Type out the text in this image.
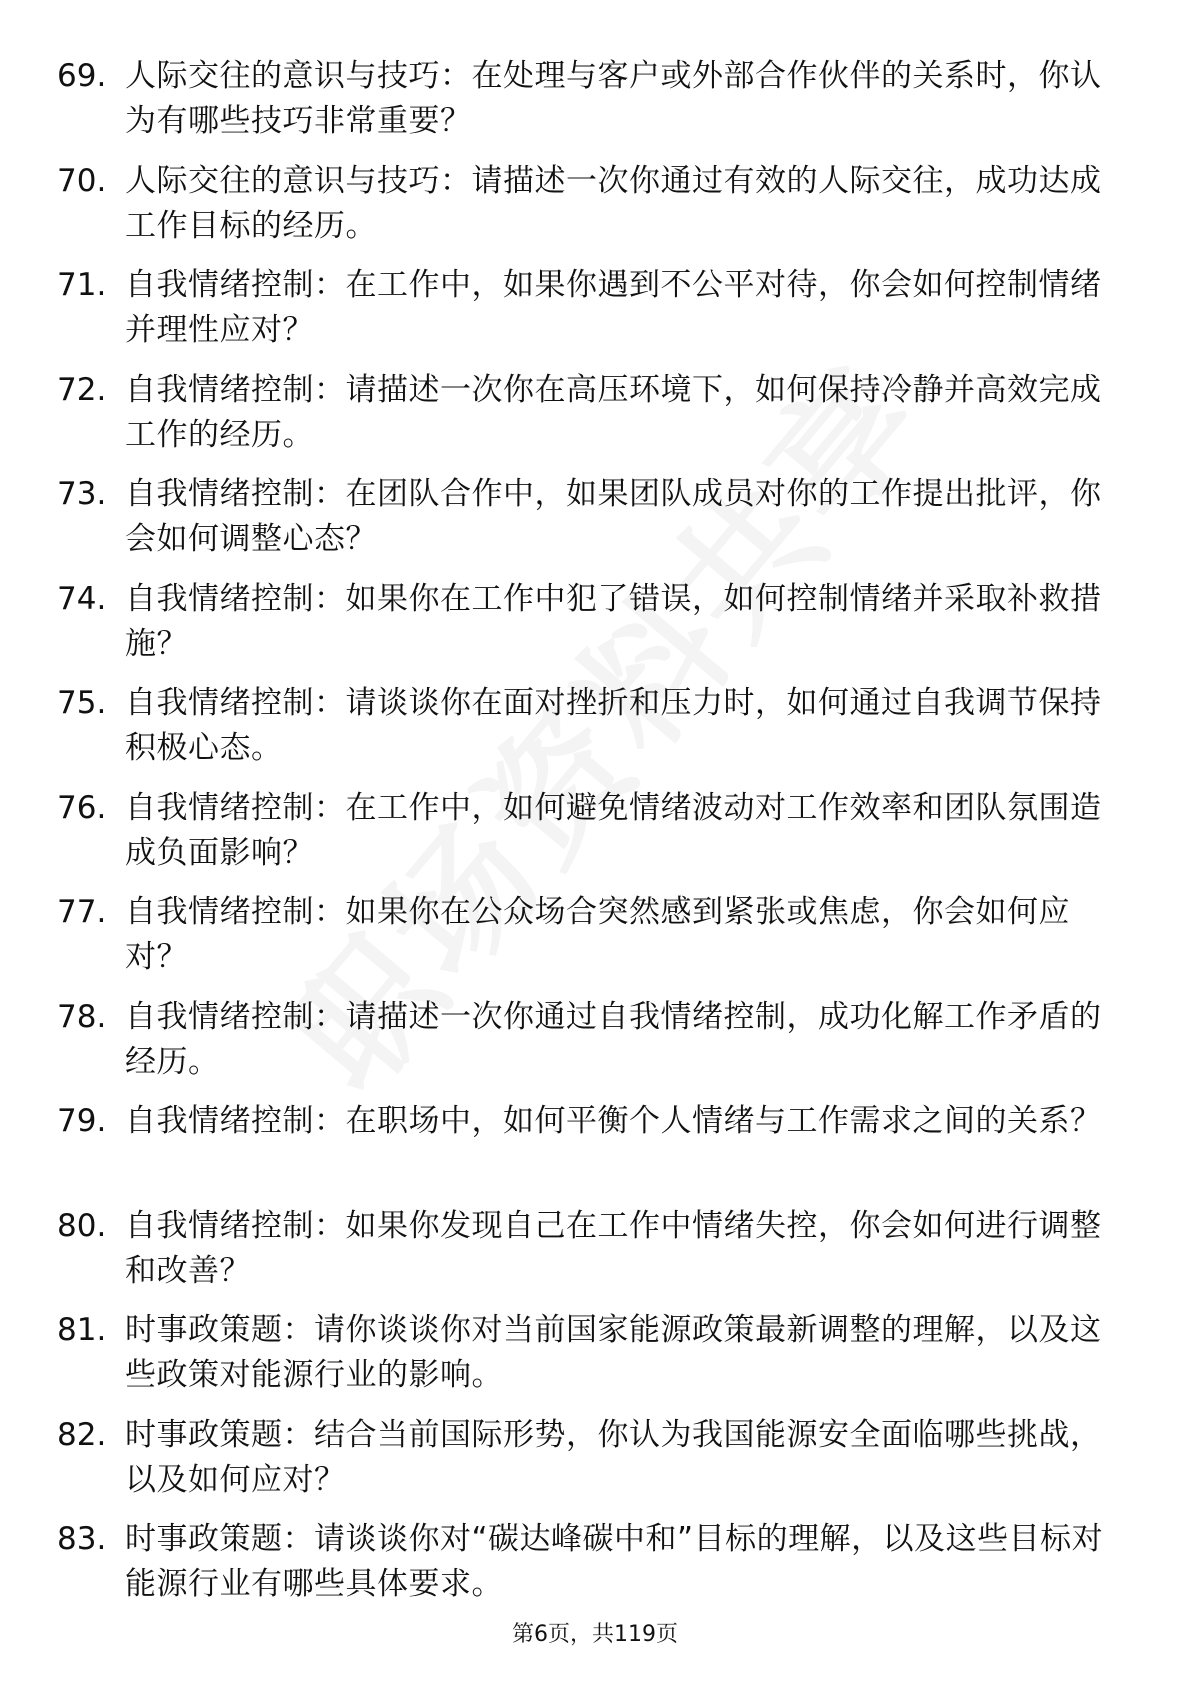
69. 人际交往的意识与技巧：在处理与客户或外部合作伙伴的关系时，你认为有哪些技巧非常重要？
70. 人际交往的意识与技巧：请描述一次你通过有效的人际交往，成功达成工作目标的经历。
71. 自我情绪控制：在工作中，如果你遇到不公平对待，你会如何控制情绪并理性应对？
72. 自我情绪控制：请描述一次你在高压环境下，如何保持冷静并高效完成工作的经历。
73. 自我情绪控制：在团队合作中，如果团队成员对你的工作提出批评，你会如何调整心态？
74. 自我情绪控制：如果你在工作中犯了错误，如何控制情绪并采取补救措施？
75. 自我情绪控制：请谈谈你在面对挫折和压力时，如何通过自我调节保持积极心态。
76. 自我情绪控制：在工作中，如何避免情绪波动对工作效率和团队氛围造成负面影响？
77. 自我情绪控制：如果你在公众场合突然感到紧张或焦虑，你会如何应对？
78. 自我情绪控制：请描述一次你通过自我情绪控制，成功化解工作矛盾的经历。
79. 自我情绪控制：在职场中，如何平衡个人情绪与工作需求之间的关系？
80. 自我情绪控制：如果你发现自己在工作中情绪失控，你会如何进行调整和改善？
81. 时事政策题：请你谈谈你对当前国家能源政策最新调整的理解，以及这些政策对能源行业的影响。
82. 时事政策题：结合当前国际形势，你认为我国能源安全面临哪些挑战，以及如何应对？
83. 时事政策题：请谈谈你对“碳达峰碳中和”目标的理解，以及这些目标对能源行业有哪些具体要求。
第6页，共119页
